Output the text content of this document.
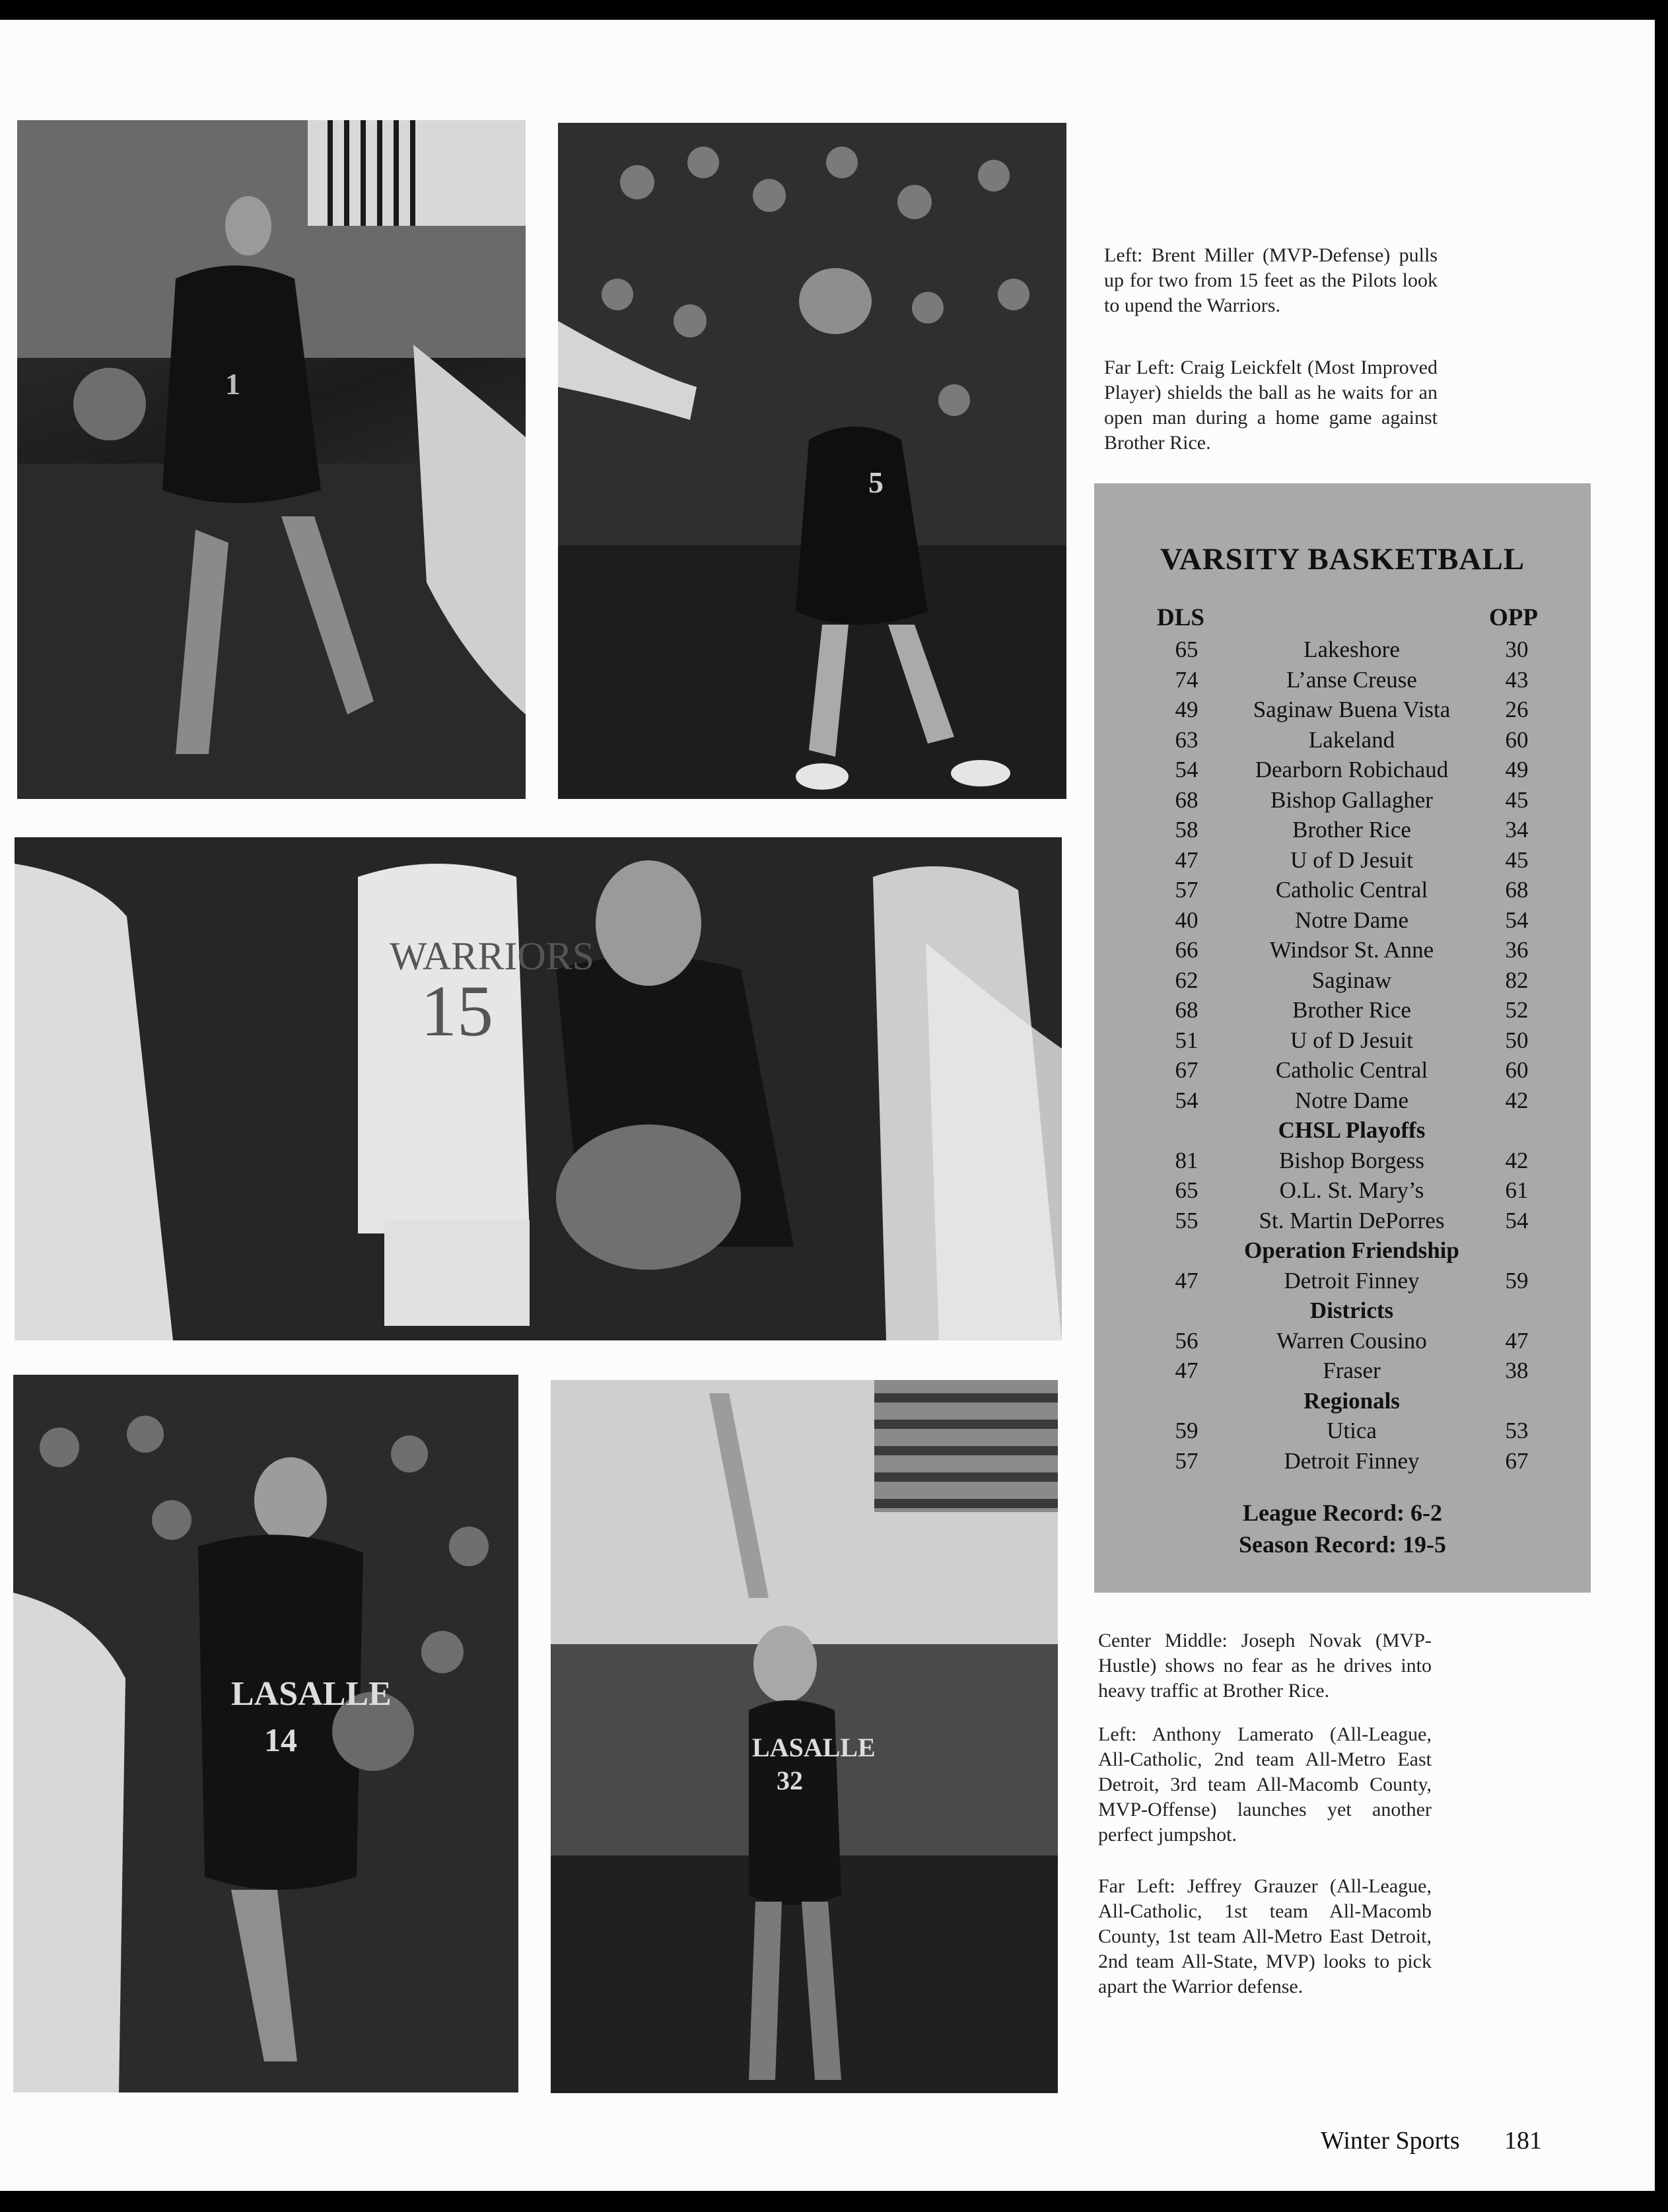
1
5
WARRIORS
15
LASALLE
14	LASALLE
32

Left: Brent Miller (MVP-Defense) pulls up for two from 15 feet as the Pilots look to upend the Warriors.

Far Left: Craig Leickfelt (Most Improved Player) shields the ball as he waits for an open man during a home game against Brother Rice.

VARSITY BASKETBALL
DLS	OPP
65	Lakeshore	30
74	L’anse Creuse	43
49	Saginaw Buena Vista	26
63	Lakeland	60
54	Dearborn Robichaud	49
68	Bishop Gallagher	45
58	Brother Rice	34
47	U of D Jesuit	45
57	Catholic Central	68
40	Notre Dame	54
66	Windsor St. Anne	36
62	Saginaw	82
68	Brother Rice	52
51	U of D Jesuit	50
67	Catholic Central	60
54	Notre Dame	42
CHSL Playoffs
81	Bishop Borgess	42
65	O.L. St. Mary’s	61
55	St. Martin DePorres	54
Operation Friendship
47	Detroit Finney	59
Districts
56	Warren Cousino	47
47	Fraser	38
Regionals
59	Utica	53
57	Detroit Finney	67
League Record: 6-2
Season Record: 19-5

Center Middle: Joseph Novak (MVP-Hustle) shows no fear as he drives into heavy traffic at Brother Rice.

Left: Anthony Lamerato (All-League, All-Catholic, 2nd team All-Metro East Detroit, 3rd team All-Macomb County, MVP-Offense) launches yet another perfect jumpshot.

Far Left: Jeffrey Grauzer (All-League, All-Catholic, 1st team All-Macomb County, 1st team All-Metro East Detroit, 2nd team All-State, MVP) looks to pick apart the Warrior defense.

Winter Sports 181
